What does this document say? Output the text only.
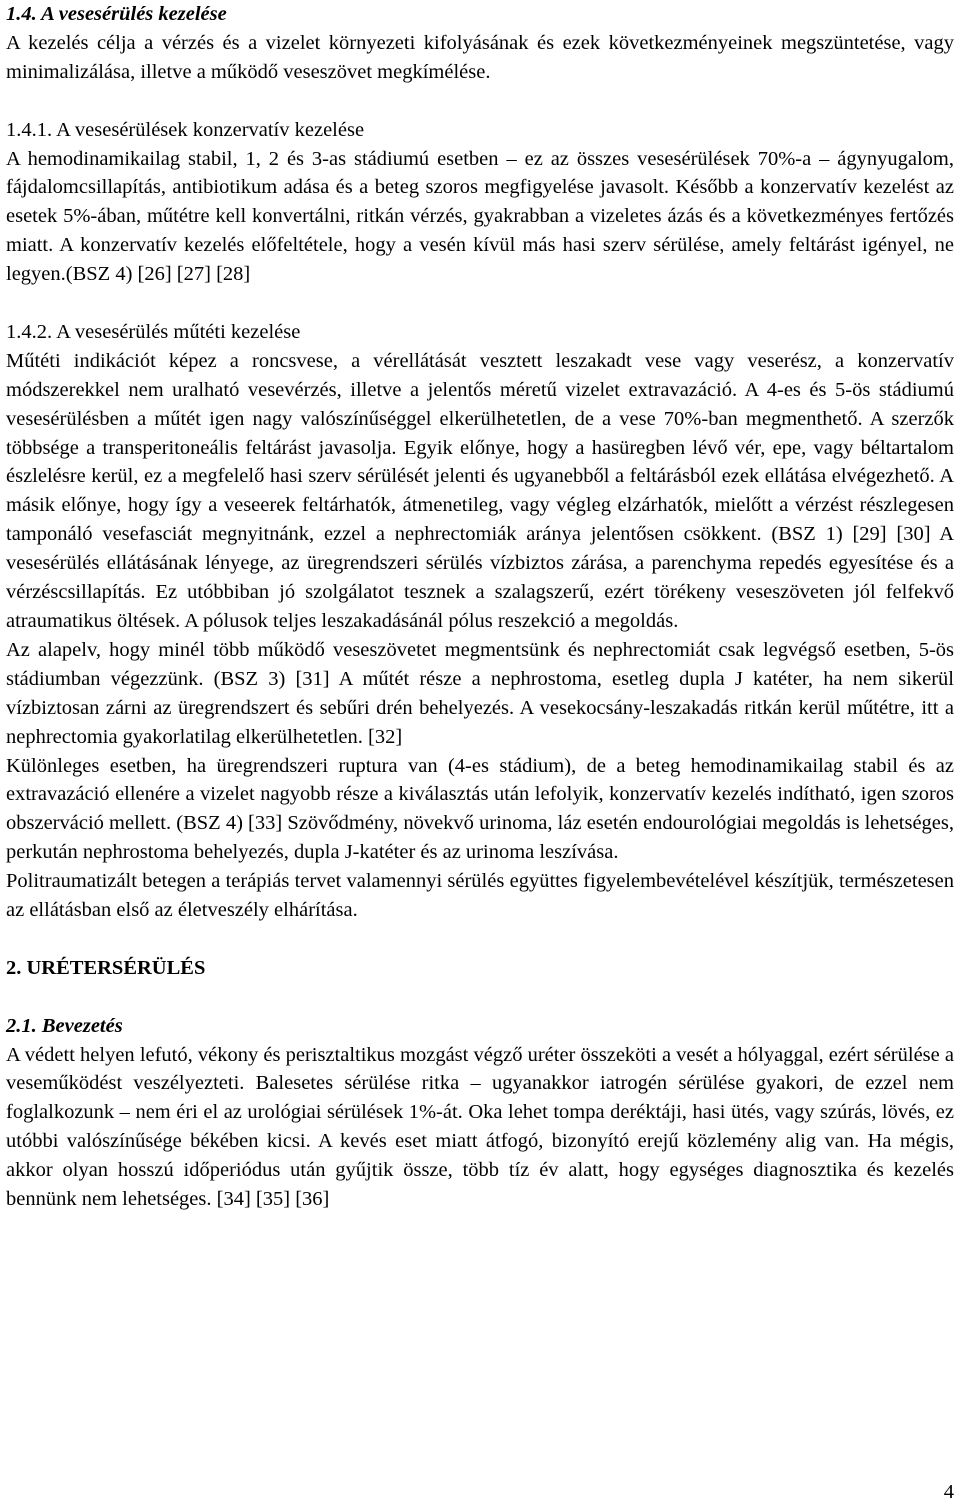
1.4. A vesesérülés kezelése

A kezelés célja a vérzés és a vizelet környezeti kifolyásának és ezek következményeinek megszüntetése, vagy minimalizálása, illetve a működő veseszövet megkímélése.

1.4.1. A vesesérülések konzervatív kezelése

A hemodinamikailag stabil, 1, 2 és 3-as stádiumú esetben – ez az összes vesesérülések 70%-a – ágynyugalom, fájdalomcsillapítás, antibiotikum adása és a beteg szoros megfigyelése javasolt. Később a konzervatív kezelést az esetek 5%-ában, műtétre kell konvertálni, ritkán vérzés, gyakrabban a vizeletes ázás és a következményes fertőzés miatt. A konzervatív kezelés előfeltétele, hogy a vesén kívül más hasi szerv sérülése, amely feltárást igényel, ne legyen.(BSZ 4) [26] [27] [28]

1.4.2. A vesesérülés műtéti kezelése

Műtéti indikációt képez a roncsvese, a vérellátását vesztett leszakadt vese vagy veserész, a konzervatív módszerekkel nem uralható vesevérzés, illetve a jelentős méretű vizelet extravazáció. A 4-es és 5-ös stádiumú vesesérülésben a műtét igen nagy valószínűséggel elkerülhetetlen, de a vese 70%-ban megmenthető. A szerzők többsége a transperitoneális feltárást javasolja. Egyik előnye, hogy a hasüregben lévő vér, epe, vagy béltartalom észlelésre kerül, ez a megfelelő hasi szerv sérülését jelenti és ugyanebből a feltárásból ezek ellátása elvégezhető. A másik előnye, hogy így a veseerek feltárhatók, átmenetileg, vagy végleg elzárhatók, mielőtt a vérzést részlegesen tamponáló vesefasciát megnyitnánk, ezzel a nephrectomiák aránya jelentősen csökkent. (BSZ 1) [29] [30] A vesesérülés ellátásának lényege, az üregrendszeri sérülés vízbiztos zárása, a parenchyma repedés egyesítése és a vérzéscsillapítás. Ez utóbbiban jó szolgálatot tesznek a szalagszerű, ezért törékeny veseszöveten jól felfekvő atraumatikus öltések. A pólusok teljes leszakadásánál pólus reszekció a megoldás.

Az alapelv, hogy minél több működő veseszövetet megmentsünk és nephrectomiát csak legvégső esetben, 5-ös stádiumban végezzünk. (BSZ 3) [31] A műtét része a nephrostoma, esetleg dupla J katéter, ha nem sikerül vízbiztosan zárni az üregrendszert és sebűri drén behelyezés. A vesekocsány-leszakadás ritkán kerül műtétre, itt a nephrectomia gyakorlatilag elkerülhetetlen. [32]

Különleges esetben, ha üregrendszeri ruptura van (4-es stádium), de a beteg hemodinamikailag stabil és az extravazáció ellenére a vizelet nagyobb része a kiválasztás után lefolyik, konzervatív kezelés indítható, igen szoros obszerváció mellett. (BSZ 4) [33] Szövődmény, növekvő urinoma, láz esetén endourológiai megoldás is lehetséges, perkután nephrostoma behelyezés, dupla J-katéter és az urinoma leszívása.

Politraumatizált betegen a terápiás tervet valamennyi sérülés együttes figyelembevételével készítjük, természetesen az ellátásban első az életveszély elhárítása.

2. URÉTERSÉRÜLÉS
2.1. Bevezetés

A védett helyen lefutó, vékony és perisztaltikus mozgást végző uréter összeköti a vesét a hólyaggal, ezért sérülése a veseműködést veszélyezteti. Balesetes sérülése ritka – ugyanakkor iatrogén sérülése gyakori, de ezzel nem foglalkozunk – nem éri el az urológiai sérülések 1%-át. Oka lehet tompa deréktáji, hasi ütés, vagy szúrás, lövés, ez utóbbi valószínűsége békében kicsi. A kevés eset miatt átfogó, bizonyító erejű közlemény alig van. Ha mégis, akkor olyan hosszú időperiódus után gyűjtik össze, több tíz év alatt, hogy egységes diagnosztika és kezelés bennünk nem lehetséges. [34] [35] [36]

4
